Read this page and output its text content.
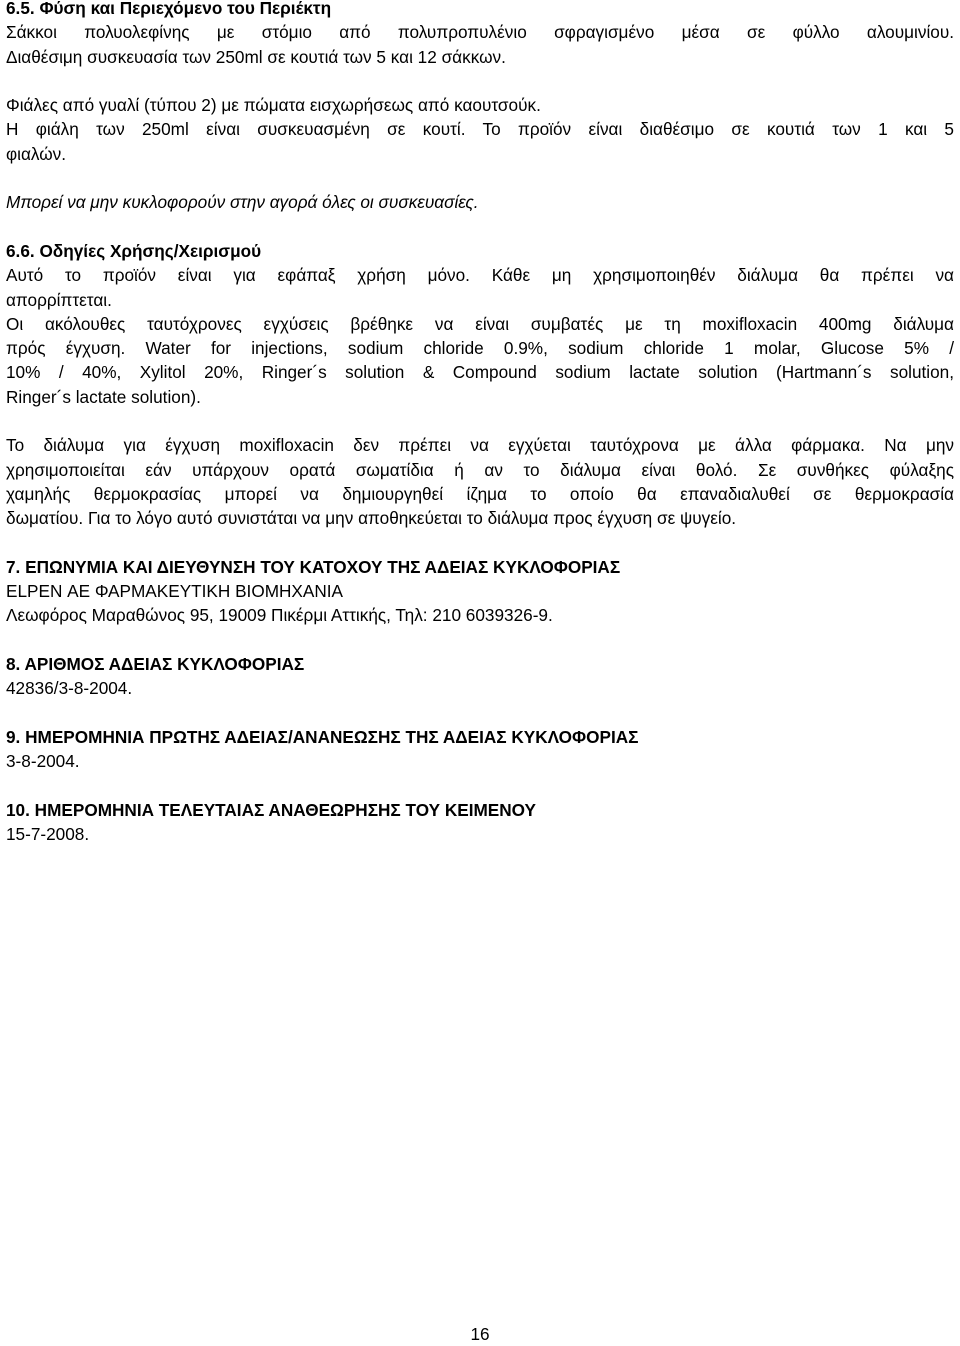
6.5. Φύση και Περιεχόμενο του Περιέκτη
Σάκκοι πολυολεφίνης με στόμιο από πολυπροπυλένιο σφραγισμένο μέσα σε φύλλο αλουμινίου.
Διαθέσιμη συσκευασία των 250ml σε κουτιά των 5 και 12 σάκκων.
Φιάλες από γυαλί (τύπου 2) με πώματα εισχωρήσεως από καουτσούκ.
Η φιάλη των 250ml είναι συσκευασμένη σε κουτί. Το προϊόν είναι διαθέσιμο σε κουτιά των 1 και 5
φιαλών.
Μπορεί να μην κυκλοφορούν στην αγορά όλες οι συσκευασίες.
6.6. Οδηγίες Χρήσης/Χειρισμού
Αυτό το προϊόν είναι για εφάπαξ χρήση μόνο. Κάθε μη χρησιμοποιηθέν διάλυμα θα πρέπει να
απορρίπτεται.
Οι ακόλουθες ταυτόχρονες εγχύσεις βρέθηκε να είναι συμβατές με τη moxifloxacin 400mg διάλυμα
πρός έγχυση. Water for injections, sodium chloride 0.9%, sodium chloride 1 molar, Glucose 5% /
10% / 40%, Xylitol 20%, Ringer´s solution & Compound sodium lactate solution (Hartmann´s solution,
Ringer´s lactate solution).
Το διάλυμα για έγχυση moxifloxacin δεν πρέπει να εγχύεται ταυτόχρονα με άλλα φάρμακα. Να μην
χρησιμοποιείται εάν υπάρχουν ορατά σωματίδια ή αν το διάλυμα είναι θολό. Σε συνθήκες φύλαξης
χαμηλής θερμοκρασίας μπορεί να δημιουργηθεί ίζημα το οποίο θα επαναδιαλυθεί σε θερμοκρασία
δωματίου. Για το λόγο αυτό συνιστάται να μην αποθηκεύεται το διάλυμα προς έγχυση σε ψυγείο.
7. ΕΠΩΝΥΜΙΑ ΚΑΙ ΔΙΕΥΘΥΝΣΗ ΤΟΥ ΚΑΤΟΧΟΥ ΤΗΣ ΑΔΕΙΑΣ ΚΥΚΛΟΦΟΡΙΑΣ
ELPEN ΑΕ ΦΑΡΜΑΚΕΥΤΙΚΗ ΒΙΟΜΗΧΑΝΙΑ
Λεωφόρος Μαραθώνος 95, 19009 Πικέρμι Αττικής, Τηλ: 210 6039326-9.
8. ΑΡΙΘΜΟΣ ΑΔΕΙΑΣ ΚΥΚΛΟΦΟΡΙΑΣ
42836/3-8-2004.
9. ΗΜΕΡΟΜΗΝΙΑ ΠΡΩΤΗΣ ΑΔΕΙΑΣ/ΑΝΑΝΕΩΣΗΣ ΤΗΣ ΑΔΕΙΑΣ ΚΥΚΛΟΦΟΡΙΑΣ
3-8-2004.
10. ΗΜΕΡΟΜΗΝΙΑ ΤΕΛΕΥΤΑΙΑΣ ΑΝΑΘΕΩΡΗΣΗΣ ΤΟΥ ΚΕΙΜΕΝΟΥ
15-7-2008.
16
